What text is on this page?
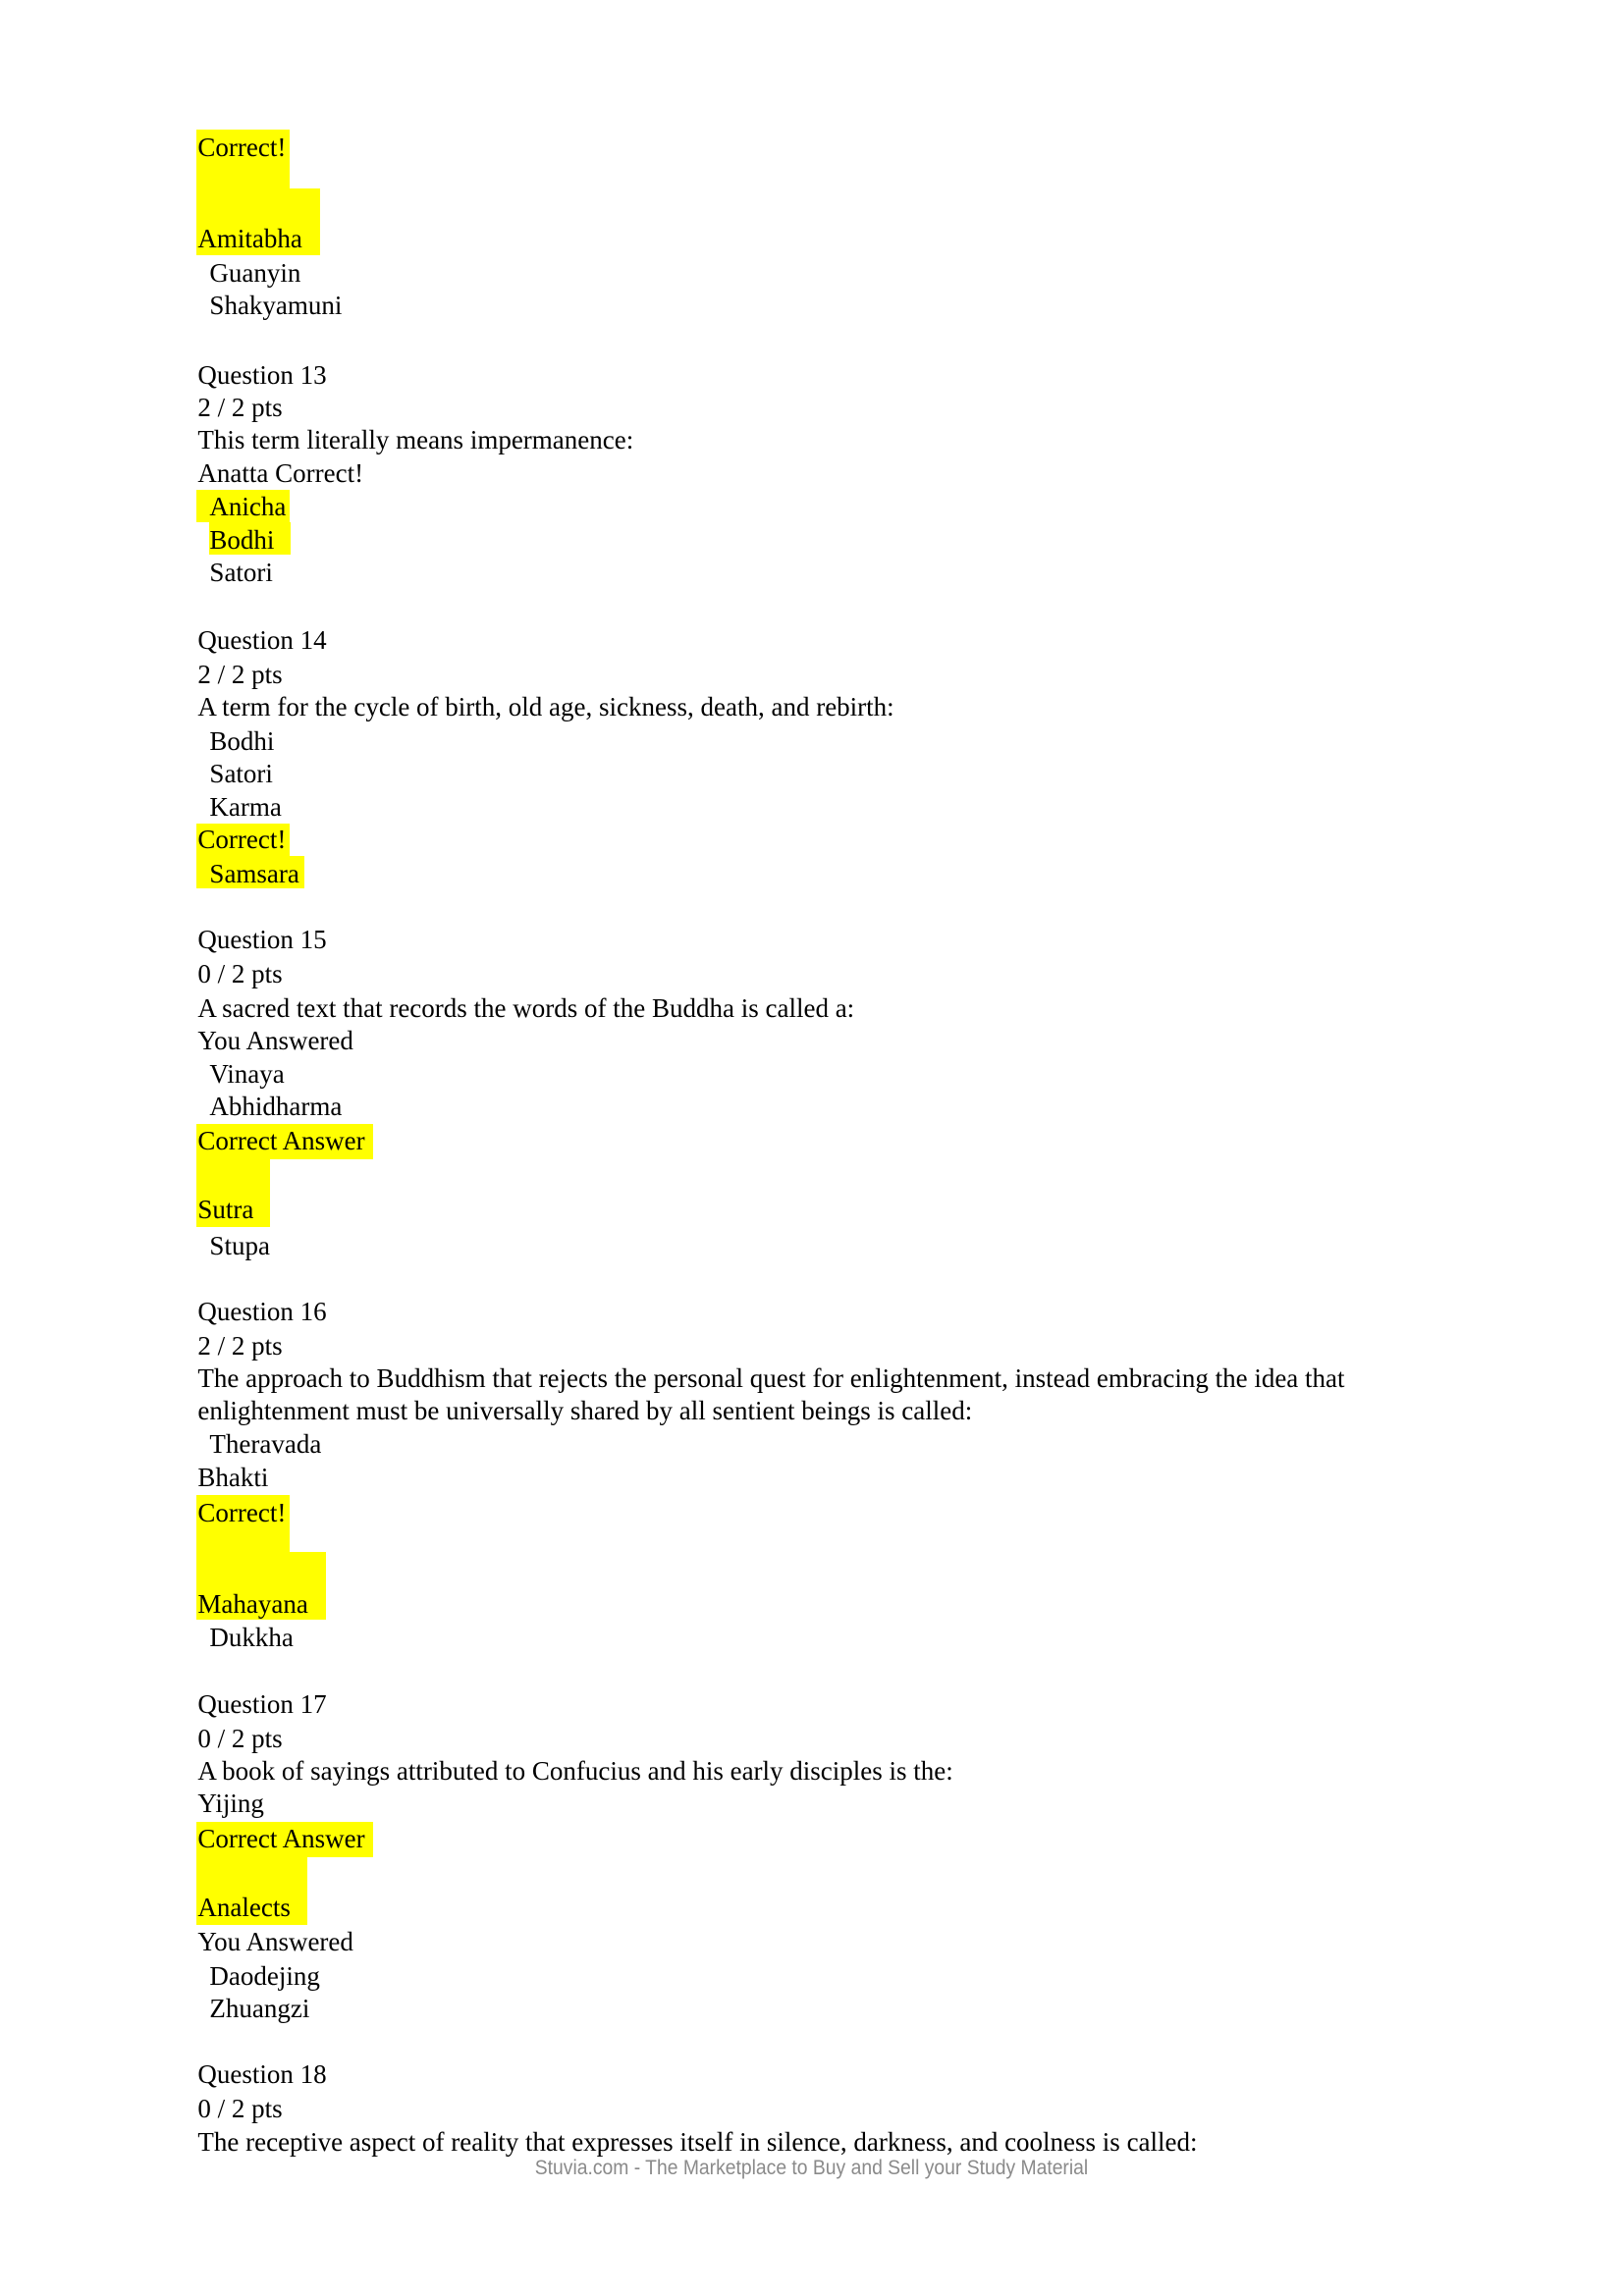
Correct!
Amitabha
Guanyin
Shakyamuni
Question 13
2 / 2 pts
This term literally means impermanence:
Anatta Correct!
Anicha
Bodhi
Satori
Question 14
2 / 2 pts
A term for the cycle of birth, old age, sickness, death, and rebirth:
Bodhi
Satori
Karma
Correct!
Samsara
Question 15
0 / 2 pts
A sacred text that records the words of the Buddha is called a:
You Answered
Vinaya
Abhidharma
Correct Answer
Sutra
Stupa
Question 16
2 / 2 pts
The approach to Buddhism that rejects the personal quest for enlightenment, instead embracing the idea that
enlightenment must be universally shared by all sentient beings is called:
Theravada
Bhakti
Correct!
Mahayana
Dukkha
Question 17
0 / 2 pts
A book of sayings attributed to Confucius and his early disciples is the:
Yijing
Correct Answer
Analects
You Answered
Daodejing
Zhuangzi
Question 18
0 / 2 pts
The receptive aspect of reality that expresses itself in silence, darkness, and coolness is called:
Stuvia.com - The Marketplace to Buy and Sell your Study Material
